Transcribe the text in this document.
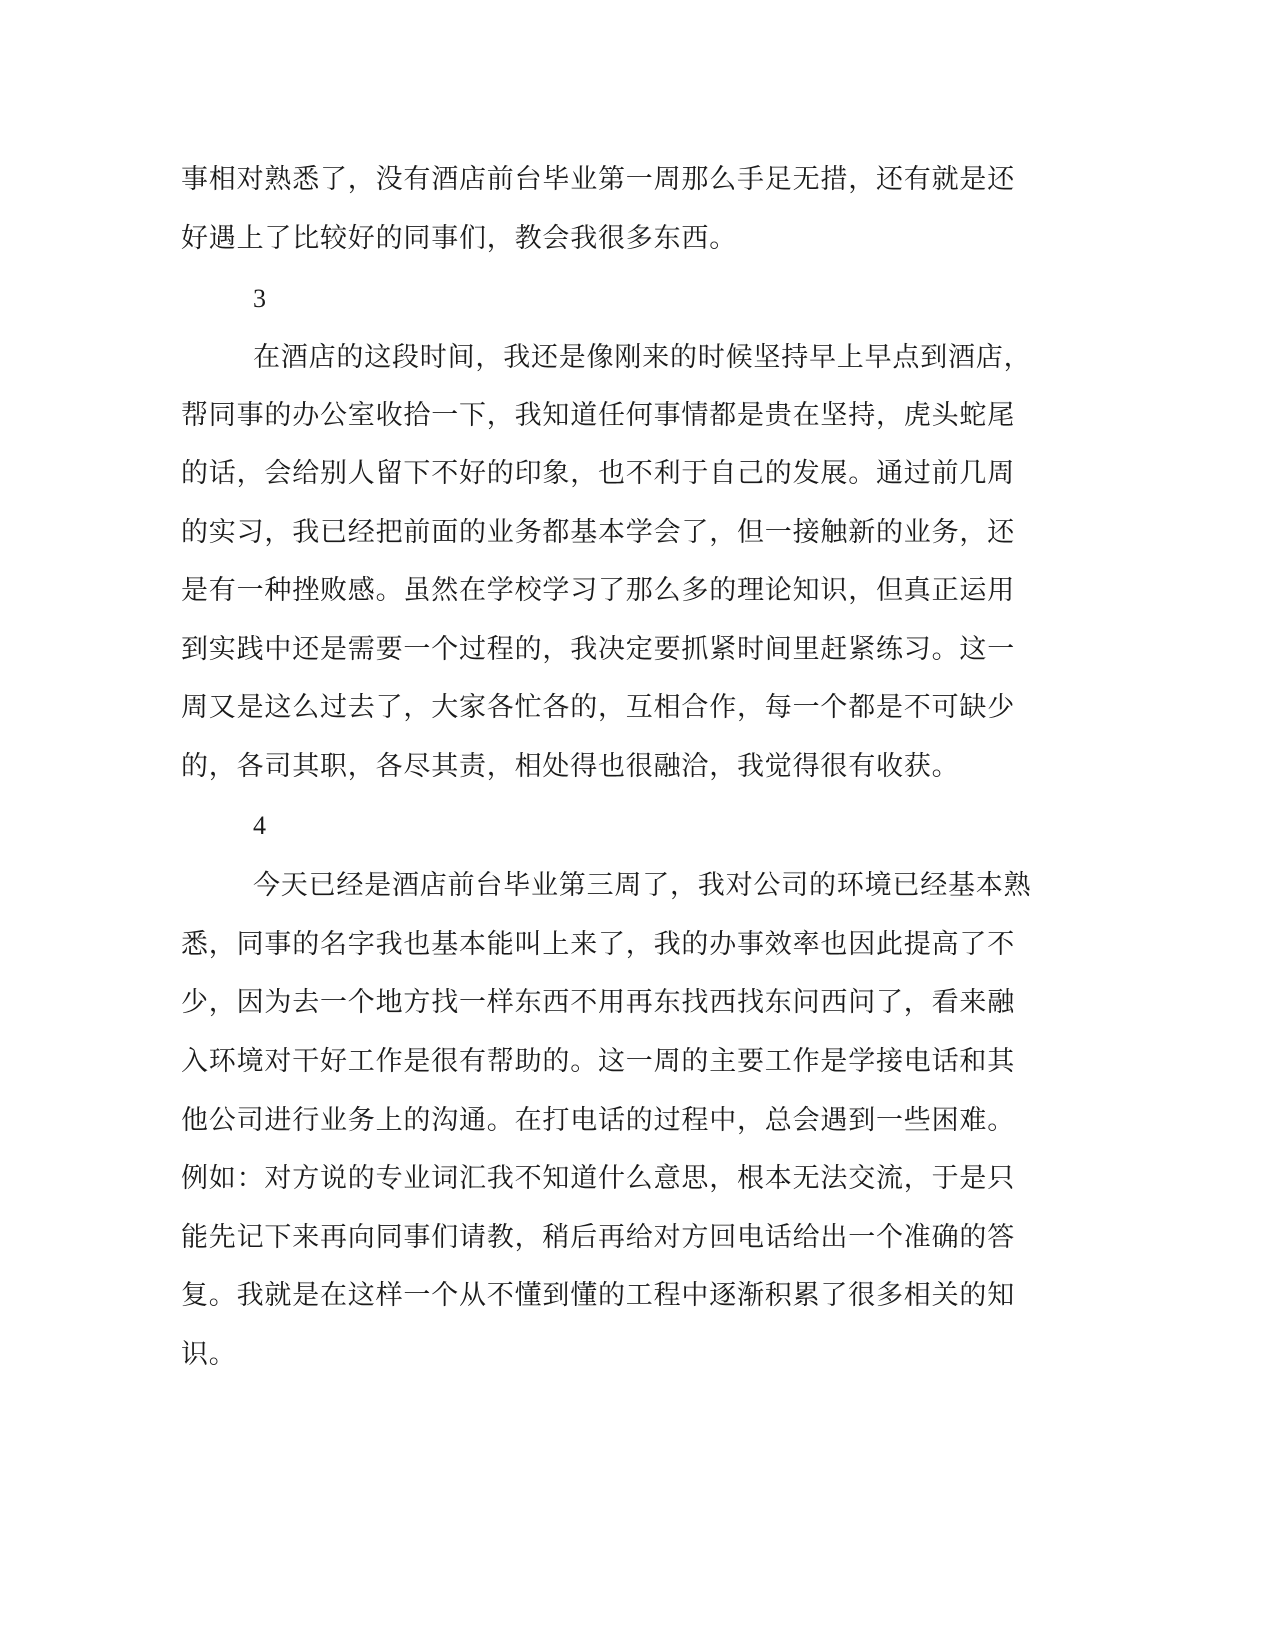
事相对熟悉了，没有酒店前台毕业第一周那么手足无措，还有就是还
好遇上了比较好的同事们，教会我很多东西。
3
在酒店的这段时间，我还是像刚来的时候坚持早上早点到酒店，
帮同事的办公室收拾一下，我知道任何事情都是贵在坚持，虎头蛇尾
的话，会给别人留下不好的印象，也不利于自己的发展。通过前几周
的实习，我已经把前面的业务都基本学会了，但一接触新的业务，还
是有一种挫败感。虽然在学校学习了那么多的理论知识，但真正运用
到实践中还是需要一个过程的，我决定要抓紧时间里赶紧练习。这一
周又是这么过去了，大家各忙各的，互相合作，每一个都是不可缺少
的，各司其职，各尽其责，相处得也很融洽，我觉得很有收获。
4
今天已经是酒店前台毕业第三周了，我对公司的环境已经基本熟
悉，同事的名字我也基本能叫上来了，我的办事效率也因此提高了不
少，因为去一个地方找一样东西不用再东找西找东问西问了，看来融
入环境对干好工作是很有帮助的。这一周的主要工作是学接电话和其
他公司进行业务上的沟通。在打电话的过程中，总会遇到一些困难。
例如：对方说的专业词汇我不知道什么意思，根本无法交流，于是只
能先记下来再向同事们请教，稍后再给对方回电话给出一个准确的答
复。我就是在这样一个从不懂到懂的工程中逐渐积累了很多相关的知
识。
